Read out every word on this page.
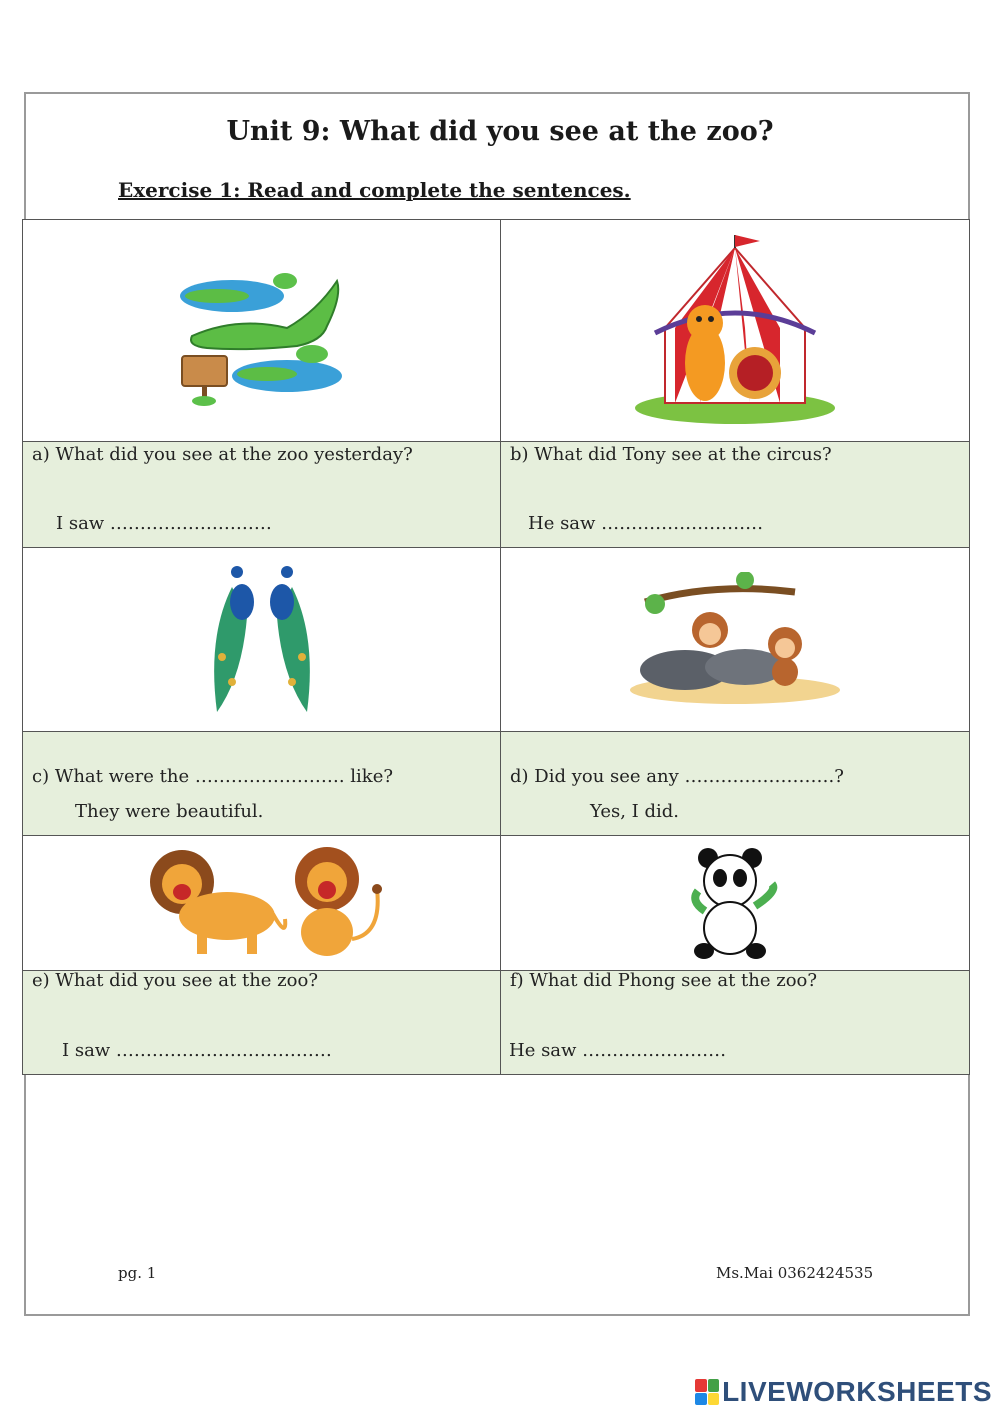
Unit 9: What did you see at the zoo?
Exercise 1: Read and complete the sentences.
a) What did you see at the zoo yesterday?
I saw ………………………
b) What did Tony see at the circus?
He saw ………………………
c) What were the ……………………. like?
They were beautiful.
d) Did you see any …………………….?
Yes, I did.
e) What did you see at the zoo?
I saw ………………………………
f) What did Phong see at the zoo?
He saw ……………………
pg. 1	Ms.Mai 0362424535
LIVEWORKSHEETS
